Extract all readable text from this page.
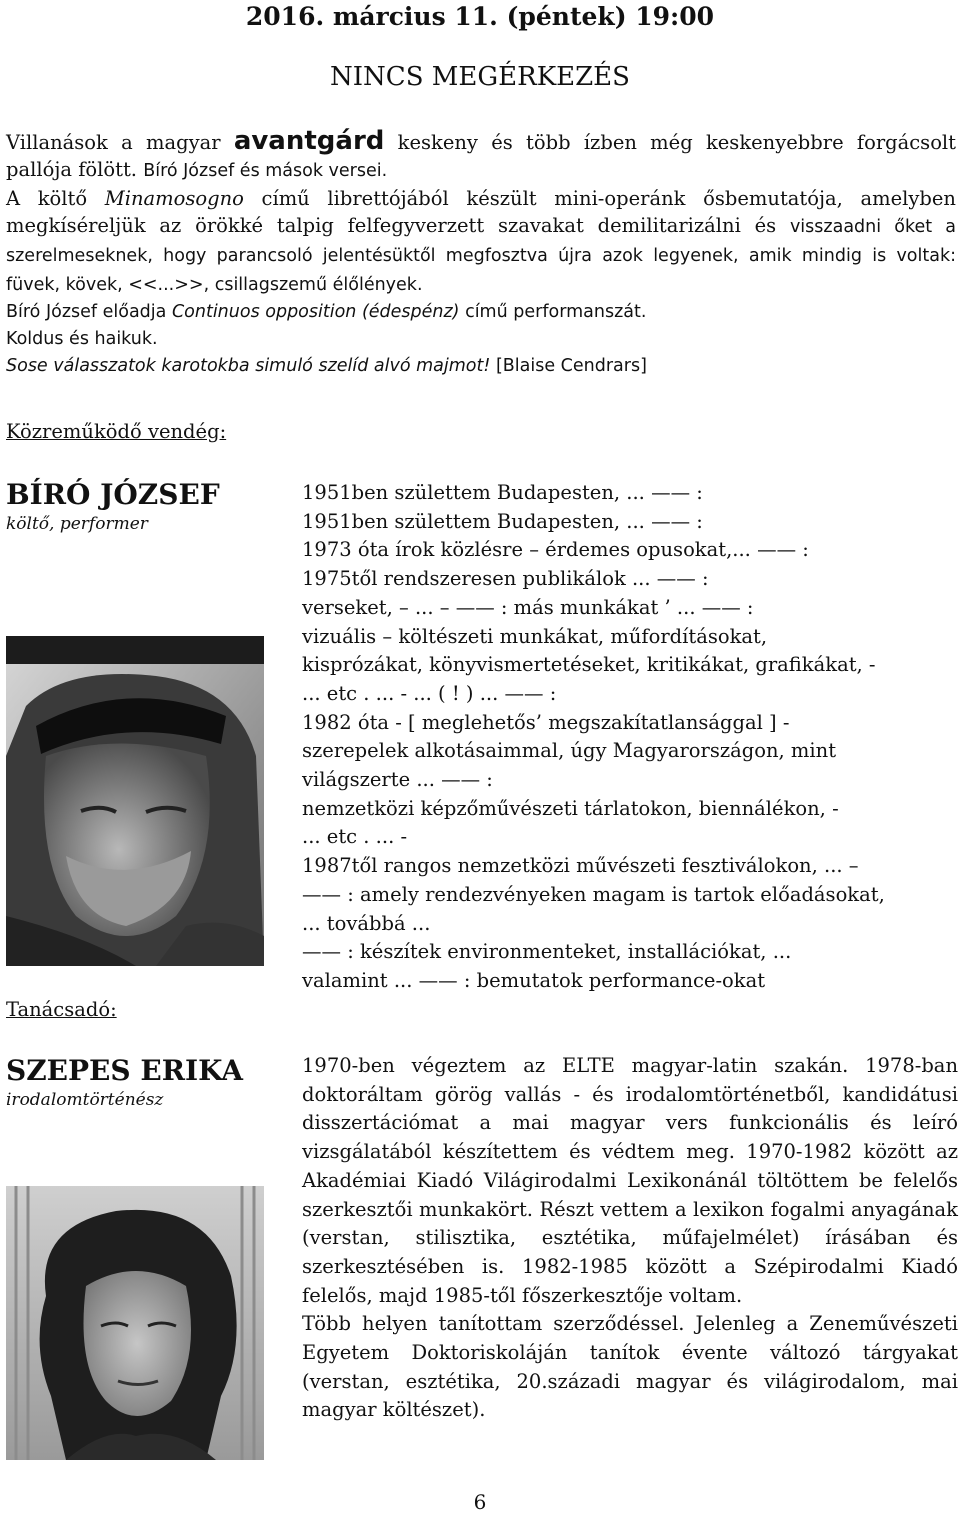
2016. március 11. (péntek) 19:00
NINCS MEGÉRKEZÉS

Villanások a magyar avantgárd keskeny és több ízben még keskenyebbre forgácsolt pallója fölött. Bíró József és mások versei.

A költő Minamosogno című librettójából készült mini-operánk ősbemutatója, amelyben megkíséreljük az örökké talpig felfegyverzett szavakat demilitarizálni és visszaadni őket a szerelmeseknek, hogy parancsoló jelentésüktől megfosztva újra azok legyenek, amik mindig is voltak: füvek, kövek, <<...>>, csillagszemű élőlények.

Bíró József előadja Continuos opposition (édespénz) című performanszát.

Koldus és haikuk.

Sose válasszatok karotokba simuló szelíd alvó majmot! [Blaise Cendrars]

Közreműködő vendég:
BÍRÓ JÓZSEF
költő, performer
1951ben születtem Budapesten, ... —— :
1951ben születtem Budapesten, ... —— :
1973 óta írok közlésre – érdemes opusokat,... —— :
1975től rendszeresen publikálok ... —— :
verseket, – ... – —— : más munkákat ’ ... —— :
vizuális – költészeti munkákat, műfordításokat,
kisprózákat, könyvismertetéseket, kritikákat, grafikákat, -
... etc . ... - ... ( ! ) ... —— :
1982 óta - [ meglehetős’ megszakítatlansággal ] -
szerepelek alkotásaimmal, úgy Magyarországon, mint
világszerte ... —— :
nemzetközi képzőművészeti tárlatokon, biennálékon, -
... etc . ... -
1987től rangos nemzetközi művészeti fesztiválokon, ... –
—— : amely rendezvényeken magam is tartok előadásokat,
... továbbá ...
—— : készítek environmenteket, installációkat, ...
valamint ... —— : bemutatok performance-okat
Tanácsadó:
SZEPES ERIKA
irodalomtörténész

1970-ben végeztem az ELTE magyar-latin szakán. 1978-ban doktoráltam görög vallás - és irodalomtörténetből, kandidátusi disszertációmat a mai magyar vers funkcionális és leíró vizsgálatából készítettem és védtem meg. 1970-1982 között az Akadémiai Kiadó Világirodalmi Lexikonánál töltöttem be felelős szerkesztői munkakört. Részt vettem a lexikon fogalmi anyagának (verstan, stilisztika, esztétika, műfajelmélet) írásában és szerkesztésében is. 1982-1985 között a Szépirodalmi Kiadó felelős, majd 1985-től főszerkesztője voltam.

Több helyen tanítottam szerződéssel. Jelenleg a Zeneművészeti Egyetem Doktoriskoláján tanítok évente változó tárgyakat (verstan, esztétika, 20.századi magyar és világirodalom, mai magyar költészet).

6
